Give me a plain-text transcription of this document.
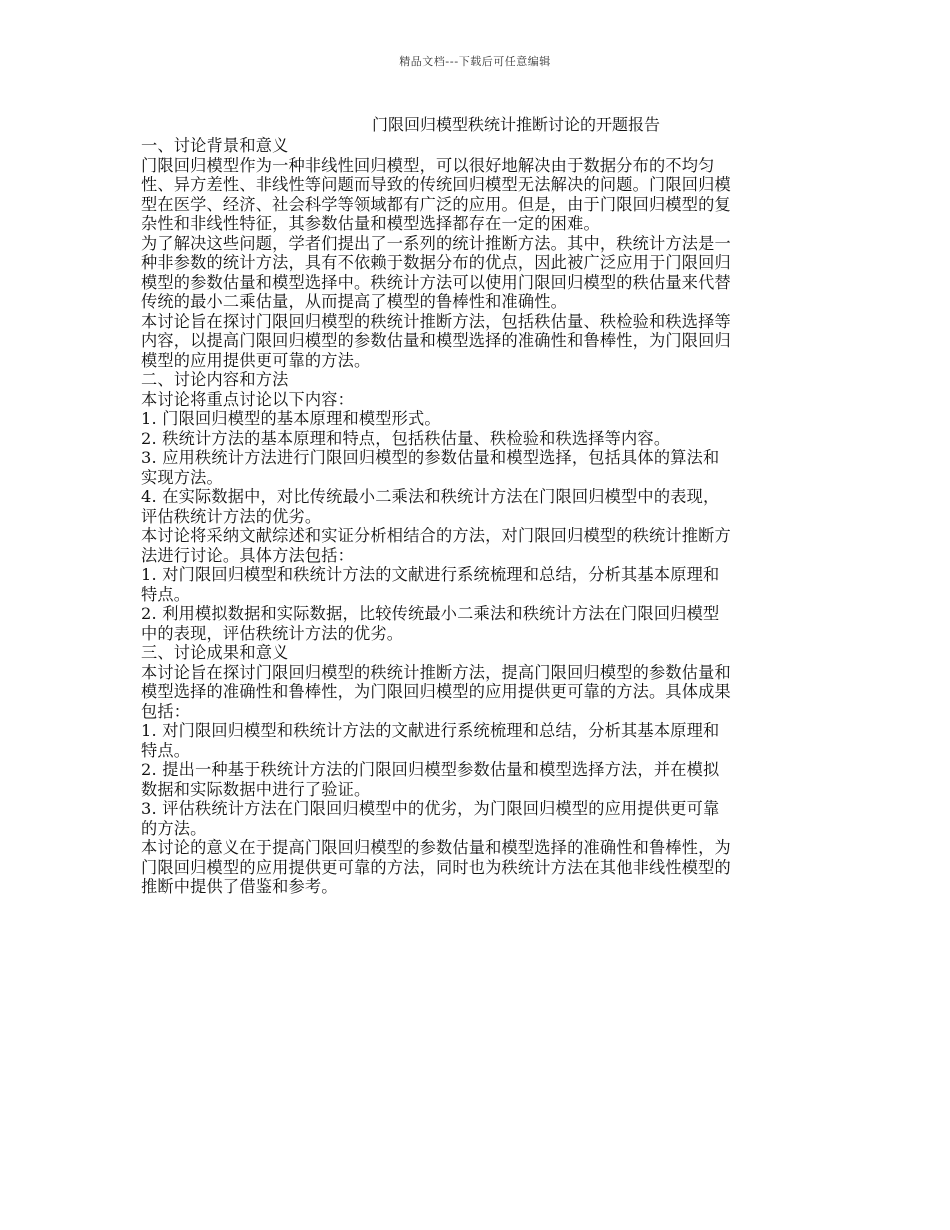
精品文档---下载后可任意编辑

门限回归模型秩统计推断讨论的开题报告

一、讨论背景和意义

门限回归模型作为一种非线性回归模型，可以很好地解决由于数据分布的不均匀

性、异方差性、非线性等问题而导致的传统回归模型无法解决的问题。门限回归模

型在医学、经济、社会科学等领域都有广泛的应用。但是，由于门限回归模型的复

杂性和非线性特征，其参数估量和模型选择都存在一定的困难。

为了解决这些问题，学者们提出了一系列的统计推断方法。其中，秩统计方法是一

种非参数的统计方法，具有不依赖于数据分布的优点，因此被广泛应用于门限回归

模型的参数估量和模型选择中。秩统计方法可以使用门限回归模型的秩估量来代替

传统的最小二乘估量，从而提高了模型的鲁棒性和准确性。

本讨论旨在探讨门限回归模型的秩统计推断方法，包括秩估量、秩检验和秩选择等

内容，以提高门限回归模型的参数估量和模型选择的准确性和鲁棒性，为门限回归

模型的应用提供更可靠的方法。

二、讨论内容和方法

本讨论将重点讨论以下内容：

1. 门限回归模型的基本原理和模型形式。

2. 秩统计方法的基本原理和特点，包括秩估量、秩检验和秩选择等内容。

3. 应用秩统计方法进行门限回归模型的参数估量和模型选择，包括具体的算法和

实现方法。

4. 在实际数据中，对比传统最小二乘法和秩统计方法在门限回归模型中的表现，

评估秩统计方法的优劣。

本讨论将采纳文献综述和实证分析相结合的方法，对门限回归模型的秩统计推断方

法进行讨论。具体方法包括：

1. 对门限回归模型和秩统计方法的文献进行系统梳理和总结，分析其基本原理和

特点。

2. 利用模拟数据和实际数据，比较传统最小二乘法和秩统计方法在门限回归模型

中的表现，评估秩统计方法的优劣。

三、讨论成果和意义

本讨论旨在探讨门限回归模型的秩统计推断方法，提高门限回归模型的参数估量和

模型选择的准确性和鲁棒性，为门限回归模型的应用提供更可靠的方法。具体成果

包括：

1. 对门限回归模型和秩统计方法的文献进行系统梳理和总结，分析其基本原理和

特点。

2. 提出一种基于秩统计方法的门限回归模型参数估量和模型选择方法，并在模拟

数据和实际数据中进行了验证。

3. 评估秩统计方法在门限回归模型中的优劣，为门限回归模型的应用提供更可靠

的方法。

本讨论的意义在于提高门限回归模型的参数估量和模型选择的准确性和鲁棒性，为

门限回归模型的应用提供更可靠的方法，同时也为秩统计方法在其他非线性模型的

推断中提供了借鉴和参考。
